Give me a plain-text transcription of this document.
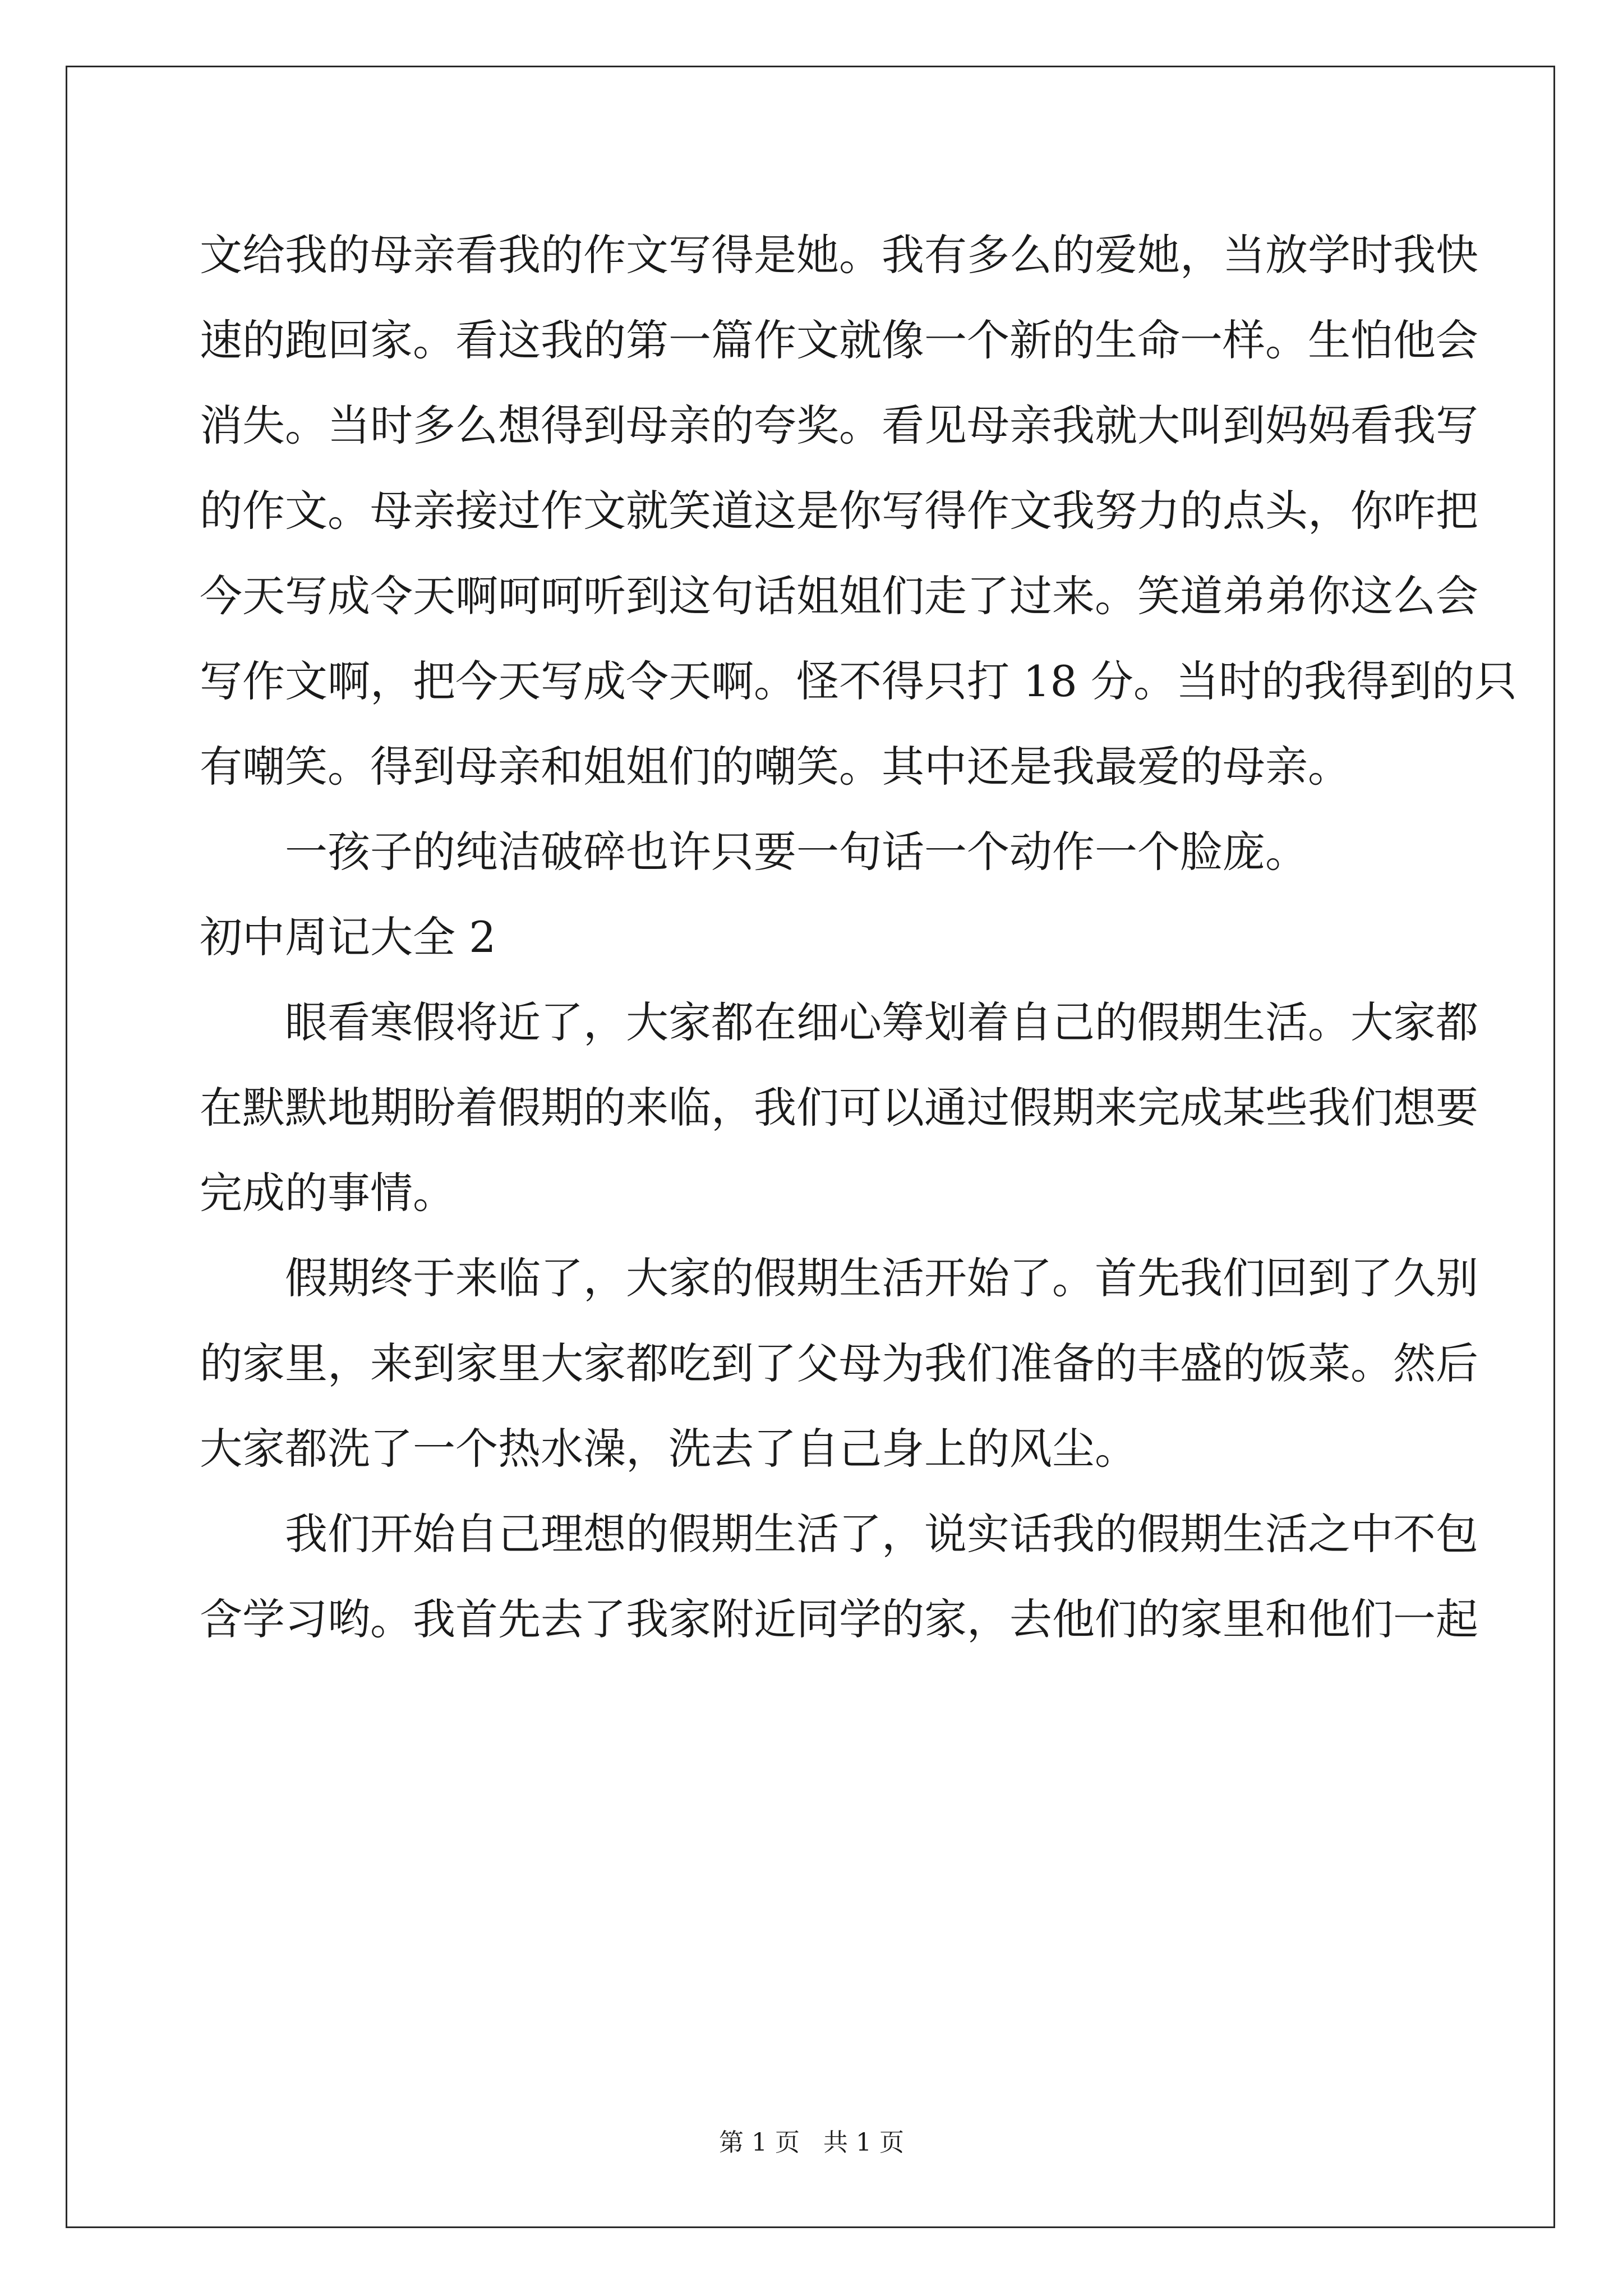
文给我的母亲看我的作文写得是她。我有多么的爱她，当放学时我快
速的跑回家。看这我的第一篇作文就像一个新的生命一样。生怕他会
消失。当时多么想得到母亲的夸奖。看见母亲我就大叫到妈妈看我写
的作文。母亲接过作文就笑道这是你写得作文我努力的点头，你咋把
今天写成令天啊呵呵听到这句话姐姐们走了过来。笑道弟弟你这么会
写作文啊，把今天写成令天啊。怪不得只打 18 分。当时的我得到的只
有嘲笑。得到母亲和姐姐们的嘲笑。其中还是我最爱的母亲。
一孩子的纯洁破碎也许只要一句话一个动作一个脸庞。
初中周记大全 2
眼看寒假将近了，大家都在细心筹划着自己的假期生活。大家都
在默默地期盼着假期的来临，我们可以通过假期来完成某些我们想要
完成的事情。
假期终于来临了，大家的假期生活开始了。首先我们回到了久别
的家里，来到家里大家都吃到了父母为我们准备的丰盛的饭菜。然后
大家都洗了一个热水澡，洗去了自己身上的风尘。
我们开始自己理想的假期生活了，说实话我的假期生活之中不包
含学习哟。我首先去了我家附近同学的家，去他们的家里和他们一起
第 1 页   共 1 页
